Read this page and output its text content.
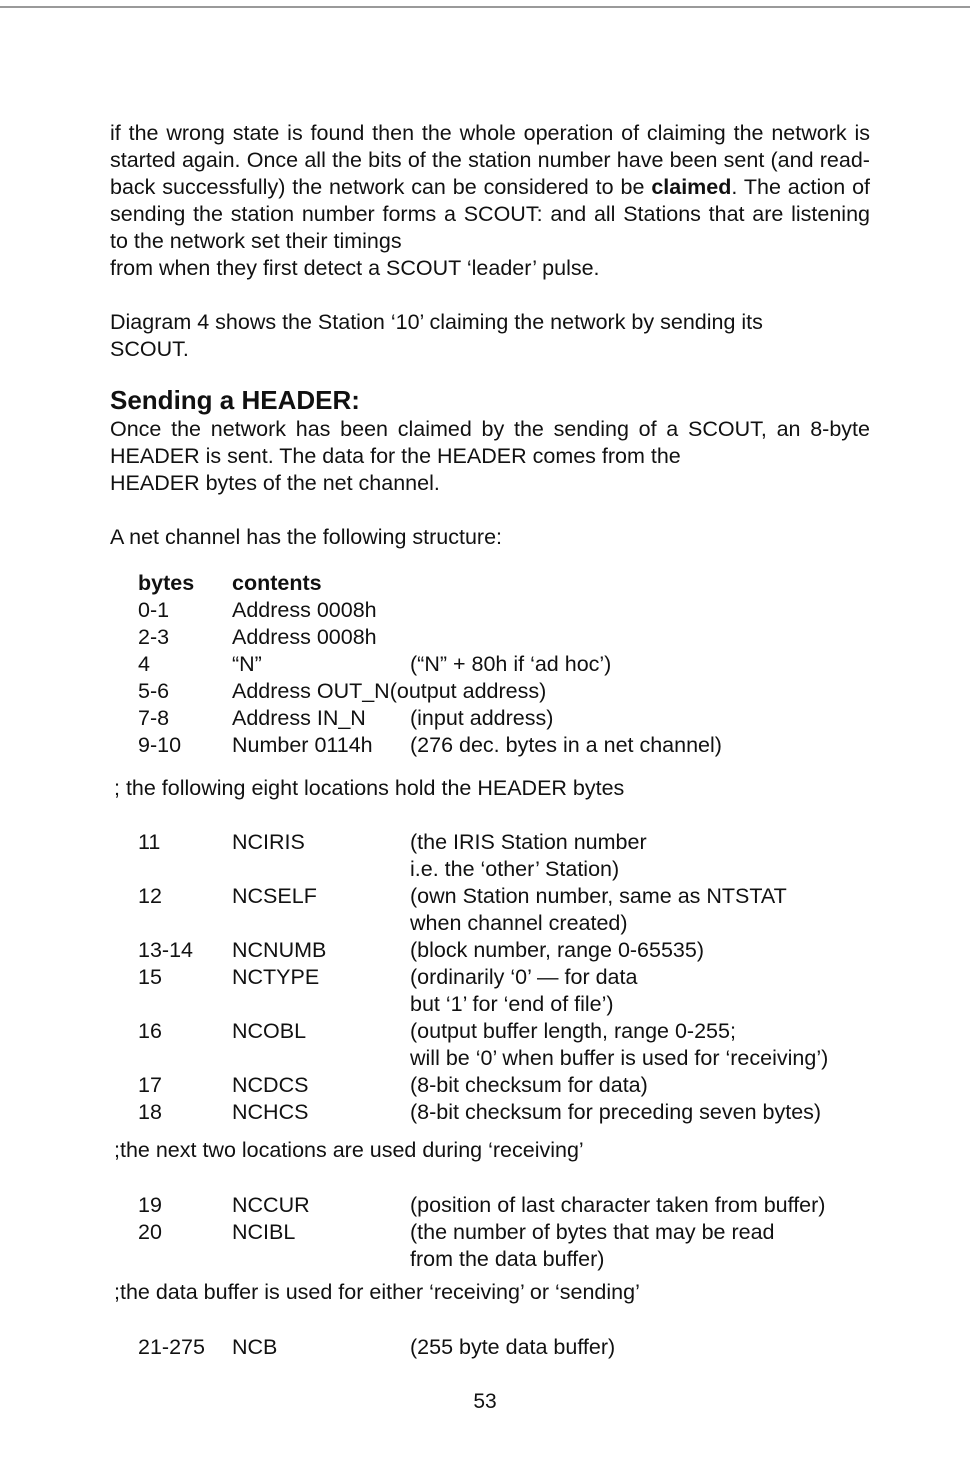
if the wrong state is found then the whole operation of claiming the network is started again. Once all the bits of the station number have been sent (and read-back successfully) the network can be considered to be claimed. The action of sending the station number forms a SCOUT: and all Stations that are listening to the network set their timings
from when they first detect a SCOUT ‘leader’ pulse.
Diagram 4 shows the Station ‘10’ claiming the network by sending its
SCOUT.
Sending a HEADER:
Once the network has been claimed by the sending of a SCOUT, an 8-byte HEADER is sent. The data for the HEADER comes from the
HEADER bytes of the net channel.
A net channel has the following structure:
bytes contents
0-1	Address 0008h
2-3	Address 0008h
4	“N”	(“N” + 80h if ‘ad hoc’)
5-6	Address OUT_N(output address)
7-8	Address IN_N (input address)
9-10 Number 0114h (276 dec. bytes in a net channel)
; the following eight locations hold the HEADER bytes
11	NCIRIS	(the IRIS Station number
i.e. the ‘other’ Station)
12	NCSELF	(own Station number, same as NTSTAT
when channel created)
13-14 NCNUMB	(block number, range 0-65535)
15	NCTYPE	(ordinarily ‘0’ — for data
but ‘1’ for ‘end of file’)
16	NCOBL	(output buffer length, range 0-255;
will be ‘0’ when buffer is used for ‘receiving’)
17	NCDCS	(8-bit checksum for data)
18	NCHCS	(8-bit checksum for preceding seven bytes)
;the next two locations are used during ‘receiving’
19	NCCUR	(position of last character taken from buffer)
20	NCIBL	(the number of bytes that may be read
from the data buffer)
;the data buffer is used for either ‘receiving’ or ‘sending’
21-275 NCB	(255 byte data buffer)
53
